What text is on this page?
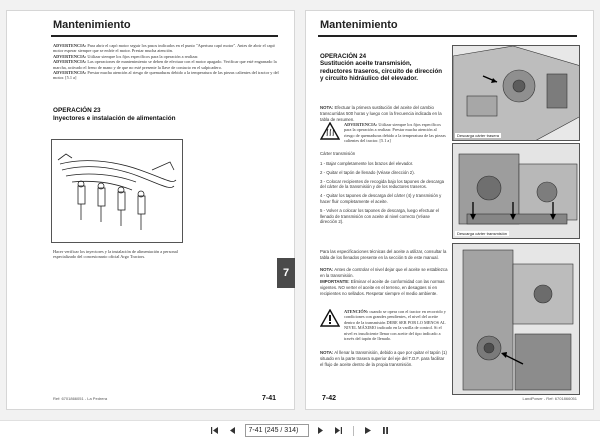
Mantenimiento

ADVERTENCIA: Para abrir el capó motor seguir los pasos indicados en el punto "Apertura capó motor". Antes de abrir el capó motor esperar siempre que se enfríe el motor. Prestar mucha atención.

ADVERTENCIA: Utilizar siempre los ﬁjos específicos para la operación a realizar.

ADVERTENCIA: Las operaciones de mantenimiento se deben de efectuar con el motor apagado. Verificar que esté engranado la marcha, activado el freno de mano y de que no esté presente la llave de contacto en el salpicadero.

ADVERTENCIA: Prestar mucha atención al riesgo de quemaduras debido a la temperatura de las piezas calientes del tractor y del motor. [5.1 a]

OPERACIÓN 23
Inyectores e instalación de alimentación
Hacer verificar los inyectores y la instalación de alimentación a personal especializado del concesionario oficial Argo Tractors.
Ref: 6701866051 - La Pedrera	7-41
7
Mantenimiento
OPERACIÓN 24
Sustitución aceite transmisión, reductores traseros, circuito de dirección y circuito hidráulico del elevador.
NOTA: Efectuar la primera sustitución del aceite del cambio transcurridas 500 horas y luego con la frecuencia indicada en la tabla de resumen.
ADVERTENCIA: Utilizar siempre los ﬁjos específicos para la operación a realizar. Prestar mucha atención al riesgo de quemaduras debido a la temperatura de las piezas calientes del tractor. [5.1 a]
Cárter transmisión
1 - Bajar completamente los brazos del elevador.
2 - Quitar el tapón de llenado (Véase dirección 2).
3 - Colocar recipientes de recogida bajo los tapones de descarga del cárter de la transmisión y de los reductores traseros.
4 - Quitar los tapones de descarga del cárter (4) y transmisión y hacer fluir completamente el aceite.
5 - Volver a colocar los tapones de descarga, luego efectuar el llenado de transmisión con aceite al nivel correcto (Véase dirección 2).
Para las especificaciones técnicas del aceite a utilizar, consultar la tabla de los llenados presente en la sección 5 de este manual.
NOTA: Antes de controlar el nivel dejar que el aceite se establezca en la transmisión.
IMPORTANTE: Eliminar el aceite de conformidad con las normas vigentes. NO verter el aceite en el terreno, en desagües ni en recipientes no sellados. Respetar siempre el medio ambiente.
ATENCIÓN: cuando se opera con el tractor en recorrido y condiciones con grandes pendientes, el nivel del aceite dentro de la transmisión DEBE SER POR LO MENOS AL NIVEL MÁXIMO indicado en la varilla de control. Si el nivel es insuficiente llenar con aceite del tipo indicado a través del tapón de llenado.
NOTA: Al llenar la transmisión, debido a que por quitar el tapón (1) situado en la parte trasera superior del eje del T.O.F. para facilitar el flujo de aceite dentro de la propia transmisión.
Descarga cárter trasera
Descarga cárter transmisión
7-42	LandPower - Ref: 6701866051
7-41 (245 / 314)
